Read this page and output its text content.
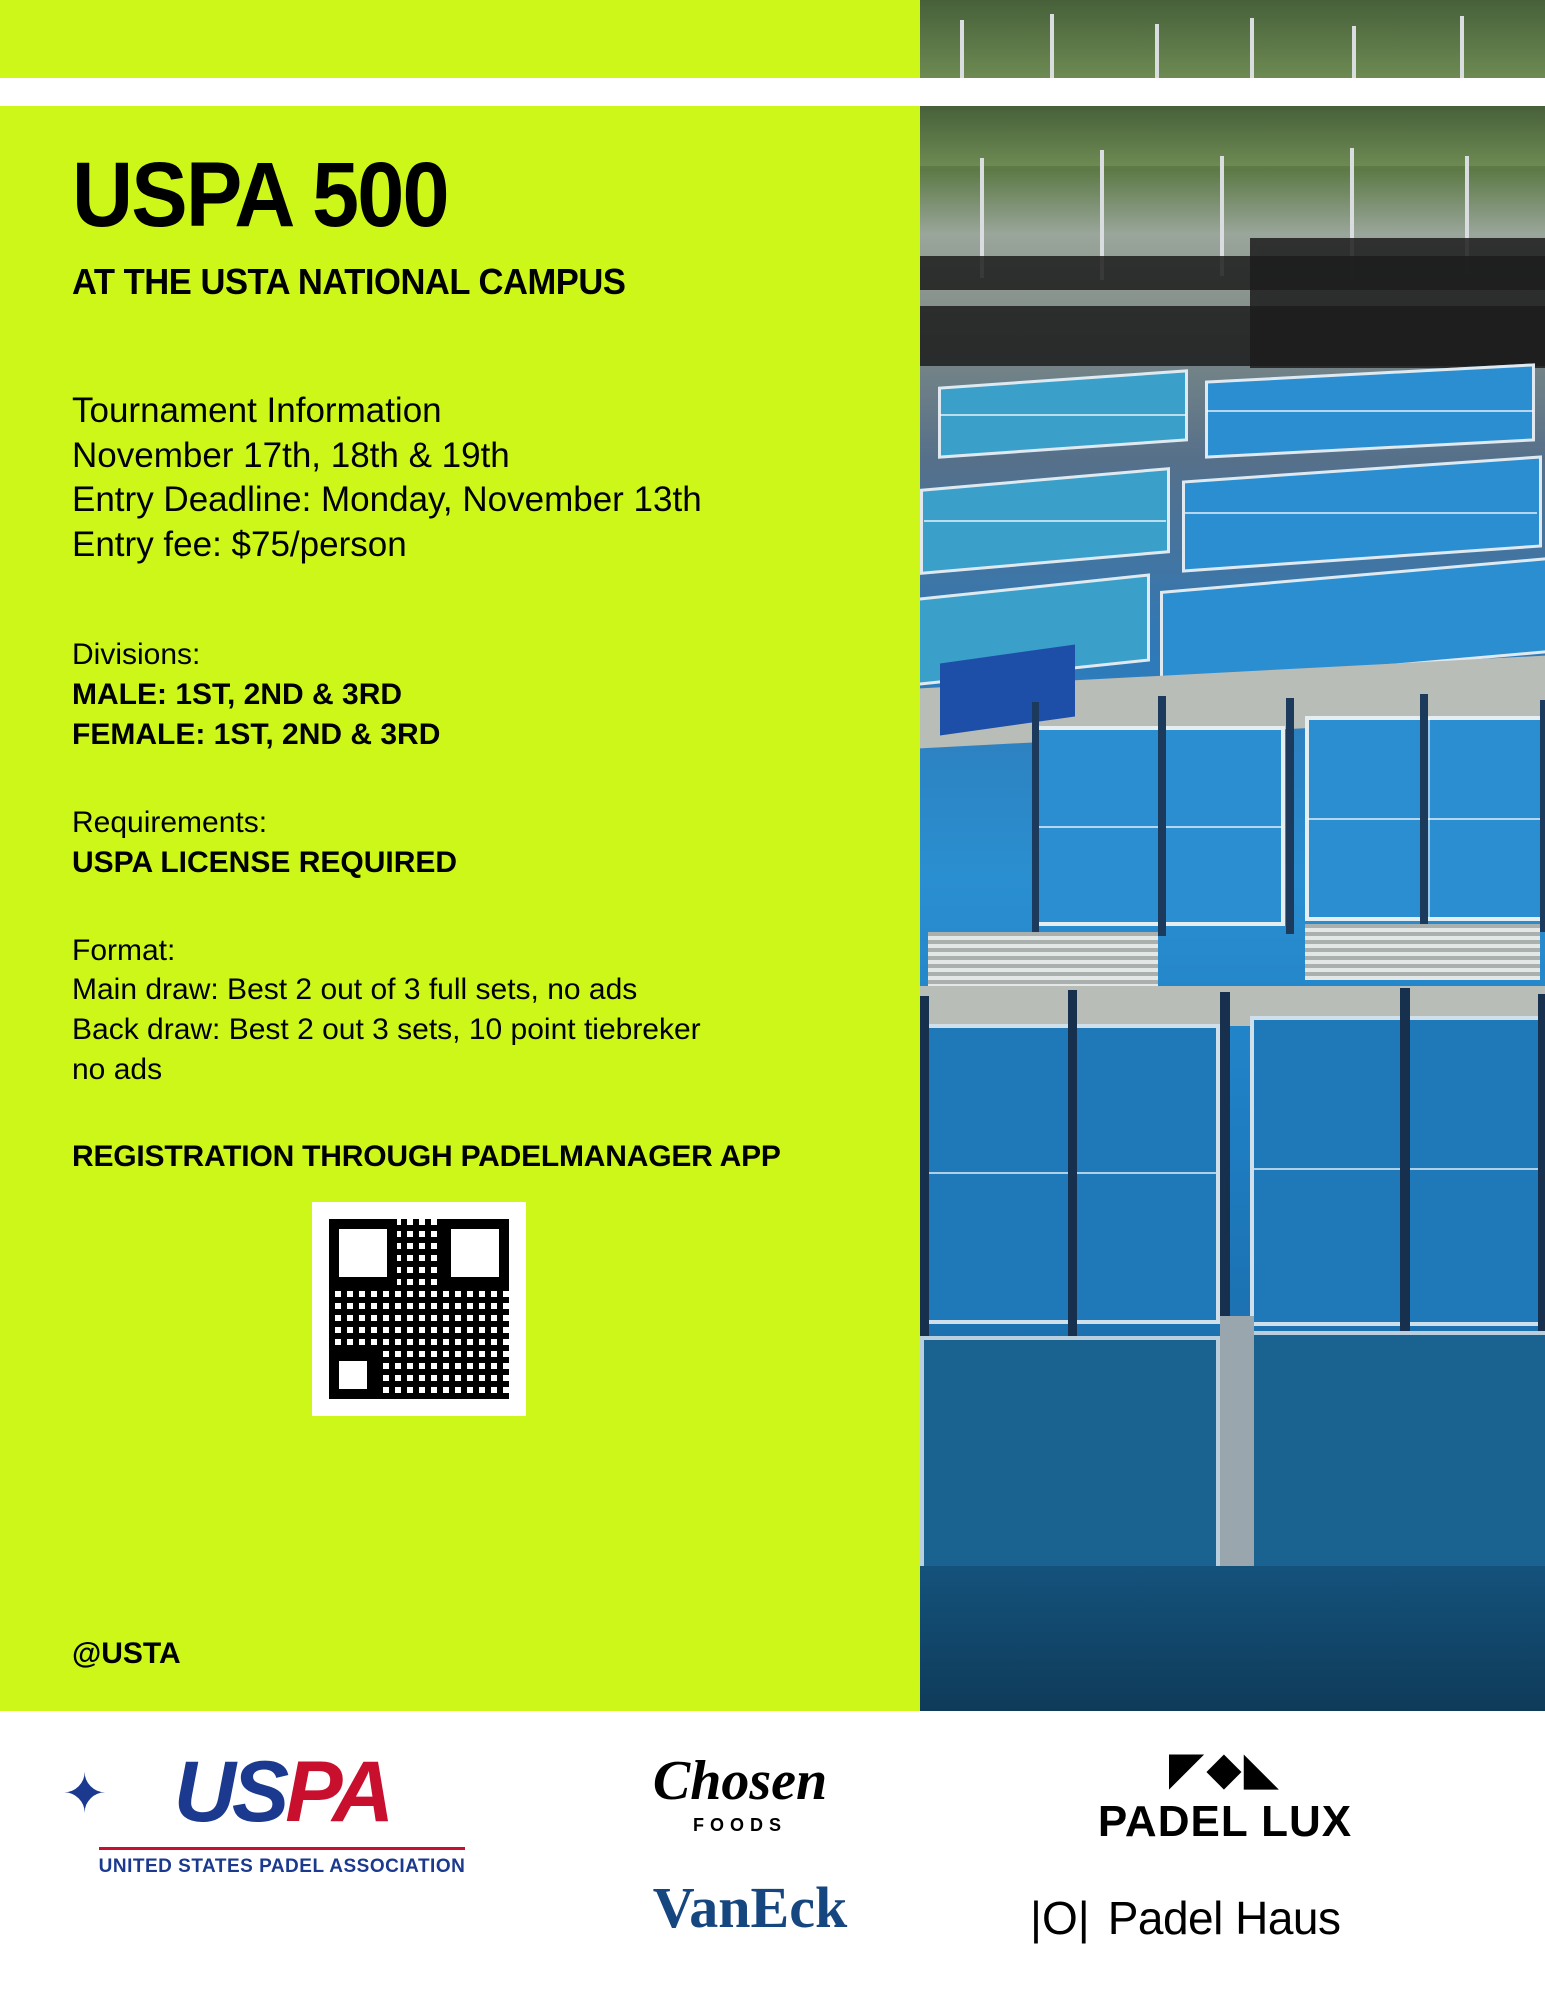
USPA 500
AT THE USTA NATIONAL CAMPUS
Tournament Information
November 17th, 18th & 19th
Entry Deadline: Monday, November 13th
Entry fee: $75/person
Divisions:
MALE: 1ST, 2ND & 3RD
FEMALE: 1ST, 2ND & 3RD
Requirements:
USPA LICENSE REQUIRED
Format:
Main draw: Best 2 out of 3 full sets, no ads
Back draw: Best 2 out 3 sets, 10 point tiebreker
no ads
REGISTRATION THROUGH PADELMANAGER APP
@USTA
✦ USPA
UNITED STATES PADEL ASSOCIATION
Chosen
FOODS
VanEck
◤◆◣
PADEL LUX
|O| Padel Haus
